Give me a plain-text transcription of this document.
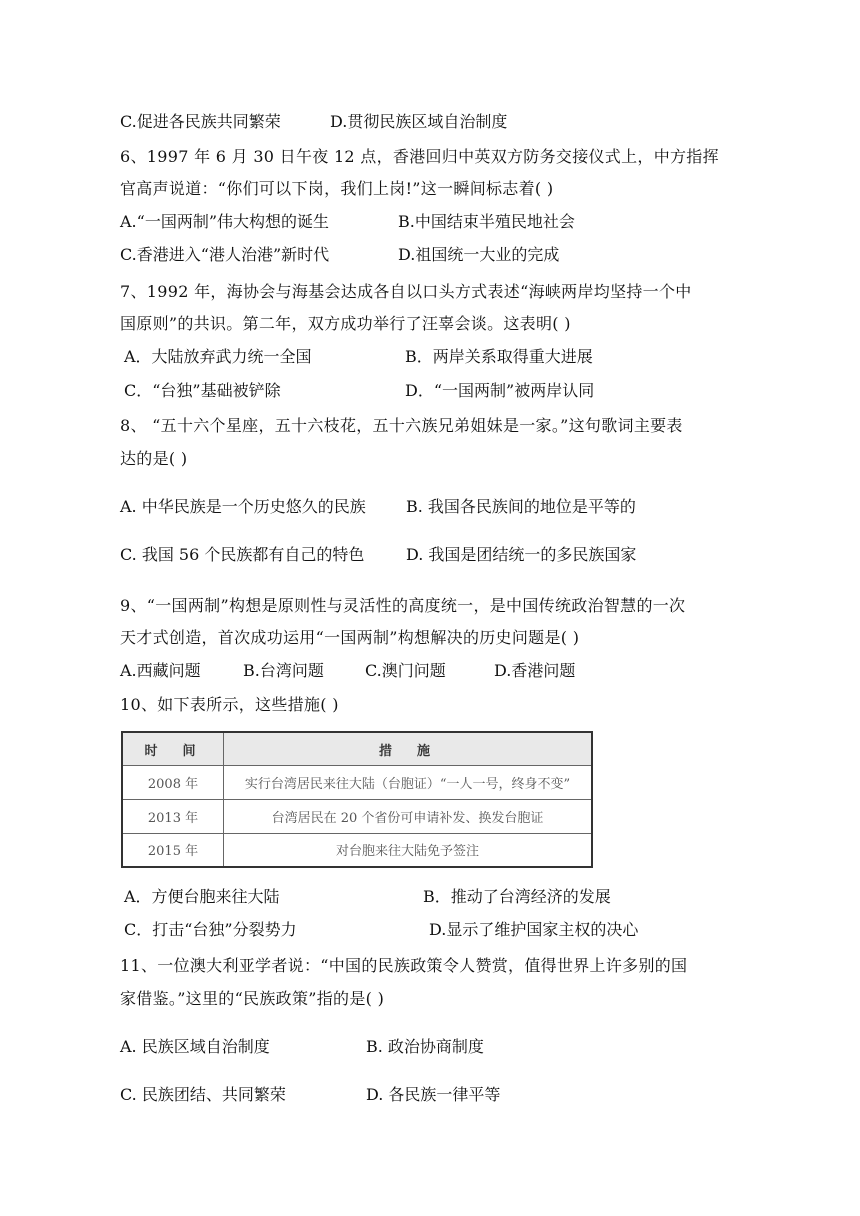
C.促进各民族共同繁荣	D.贯彻民族区域自治制度
6、1997 年 6 月 30 日午夜 12 点，香港回归中英双方防务交接仪式上，中方指挥
官高声说道：“你们可以下岗，我们上岗!”这一瞬间标志着( )
A.“一国两制”伟大构想的诞生	B.中国结束半殖民地社会
C.香港进入“港人治港”新时代	D.祖国统一大业的完成
7、1992 年，海协会与海基会达成各自以口头方式表述“海峡两岸均坚持一个中
国原则”的共识。第二年，双方成功举行了汪辜会谈。这表明( )
A．大陆放弃武力统一全国	B．两岸关系取得重大进展
C．“台独”基础被铲除	D．“一国两制”被两岸认同
8、 “五十六个星座，五十六枝花，五十六族兄弟姐妹是一家。”这句歌词主要表
达的是( )
A. 中华民族是一个历史悠久的民族	B. 我国各民族间的地位是平等的
C. 我国 56 个民族都有自己的特色	D. 我国是团结统一的多民族国家
9、“一国两制”构想是原则性与灵活性的高度统一，是中国传统政治智慧的一次
天才式创造，首次成功运用“一国两制”构想解决的历史问题是( )
A.西藏问题	B.台湾问题	C.澳门问题	D.香港问题
10、如下表所示，这些措施( )
时　间	措　施
2008 年	实行台湾居民来往大陆（台胞证）“一人一号，终身不变”
2013 年	台湾居民在 20 个省份可申请补发、换发台胞证
2015 年	对台胞来往大陆免予签注
A．方便台胞来往大陆	B．推动了台湾经济的发展
C．打击“台独”分裂势力	D.显示了维护国家主权的决心
11、一位澳大利亚学者说：“中国的民族政策令人赞赏，值得世界上许多别的国
家借鉴。”这里的“民族政策”指的是( )
A. 民族区域自治制度	B. 政治协商制度
C. 民族团结、共同繁荣	D. 各民族一律平等
